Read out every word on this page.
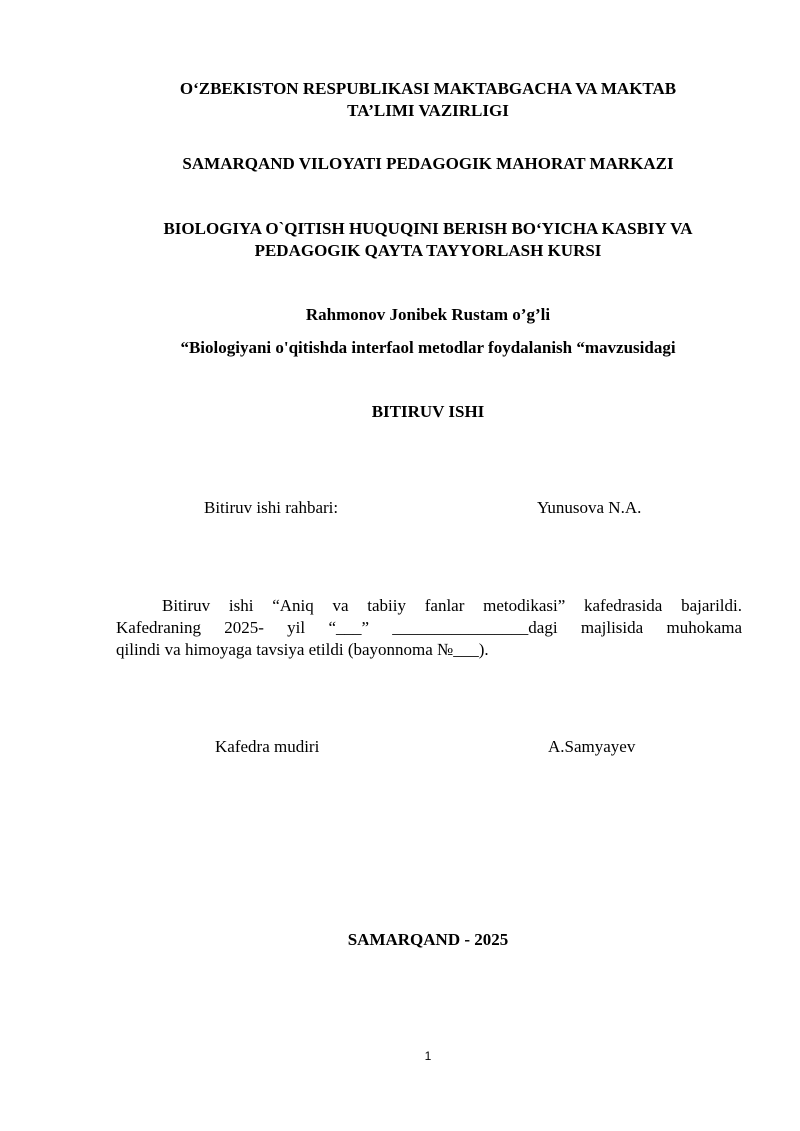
O‘ZBEKISTON RESPUBLIKASI MAKTABGACHA VA MAKTAB
TA’LIMI VAZIRLIGI
SAMARQAND VILOYATI PEDAGOGIK MAHORAT MARKAZI
BIOLOGIYA O`QITISH HUQUQINI BERISH BO‘YICHA KASBIY VA
PEDAGOGIK QAYTA TAYYORLASH KURSI
Rahmonov Jonibek Rustam o’g’li
“Biologiyani o'qitishda interfaol metodlar foydalanish “mavzusidagi
BITIRUV ISHI
Bitiruv ishi rahbari:	Yunusova N.A.
Bitiruv ishi “Aniq va tabiiy fanlar metodikasi” kafedrasida bajarildi.
Kafedraning 2025- yil “___” ________________dagi majlisida muhokama
qilindi va himoyaga tavsiya etildi (bayonnoma №___).
Kafedra mudiri	A.Samyayev
SAMARQAND - 2025
1
